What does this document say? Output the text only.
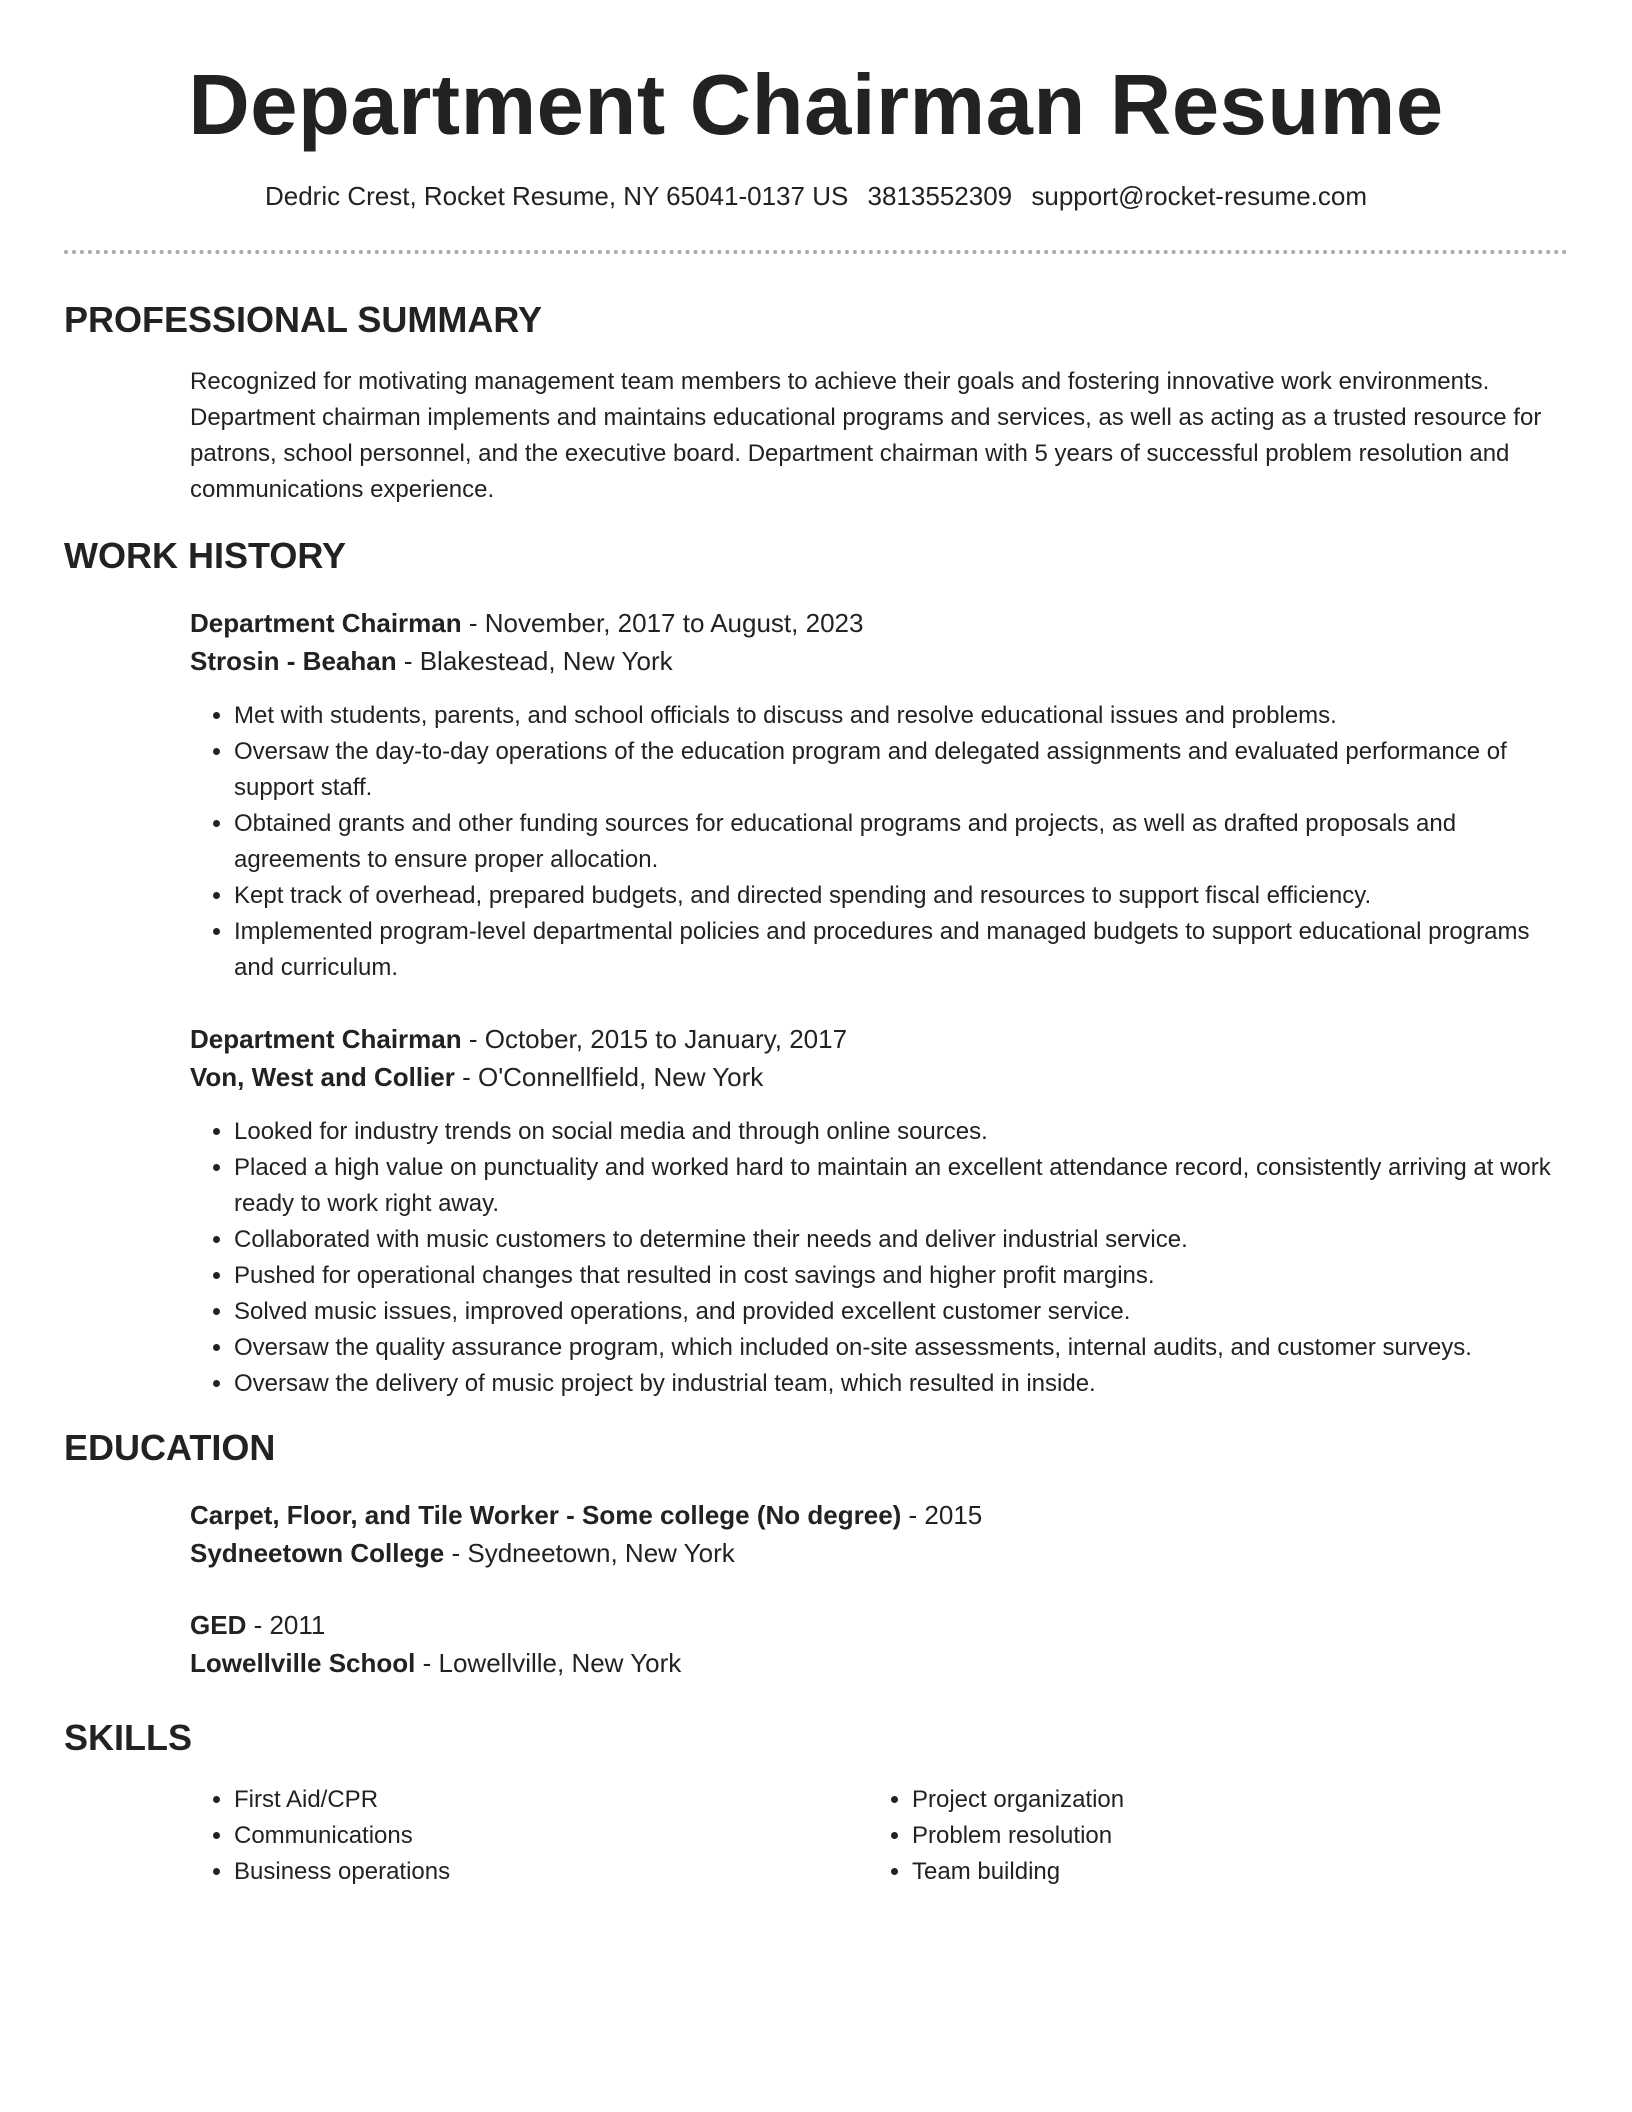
Department Chairman Resume
Dedric Crest, Rocket Resume, NY 65041-0137 US 3813552309 support@rocket-resume.com
PROFESSIONAL SUMMARY

Recognized for motivating management team members to achieve their goals and fostering innovative work environments. Department chairman implements and maintains educational programs and services, as well as acting as a trusted resource for patrons, school personnel, and the executive board. Department chairman with 5 years of successful problem resolution and communications experience.

WORK HISTORY

Department Chairman - November, 2017 to August, 2023

Strosin - Beahan - Blakestead, New York

• Met with students, parents, and school officials to discuss and resolve educational issues and problems.
• Oversaw the day-to-day operations of the education program and delegated assignments and evaluated performance of support staff.
• Obtained grants and other funding sources for educational programs and projects, as well as drafted proposals and agreements to ensure proper allocation.
• Kept track of overhead, prepared budgets, and directed spending and resources to support fiscal efficiency.
• Implemented program-level departmental policies and procedures and managed budgets to support educational programs and curriculum.

Department Chairman - October, 2015 to January, 2017

Von, West and Collier - O'Connellfield, New York

• Looked for industry trends on social media and through online sources.
• Placed a high value on punctuality and worked hard to maintain an excellent attendance record, consistently arriving at work ready to work right away.
• Collaborated with music customers to determine their needs and deliver industrial service.
• Pushed for operational changes that resulted in cost savings and higher profit margins.
• Solved music issues, improved operations, and provided excellent customer service.
• Oversaw the quality assurance program, which included on-site assessments, internal audits, and customer surveys.
• Oversaw the delivery of music project by industrial team, which resulted in inside.
EDUCATION

Carpet, Floor, and Tile Worker - Some college (No degree) - 2015

Sydneetown College - Sydneetown, New York

GED - 2011

Lowellville School - Lowellville, New York

SKILLS
• First Aid/CPR
• Communications
• Business operations
• Project organization
• Problem resolution
• Team building
